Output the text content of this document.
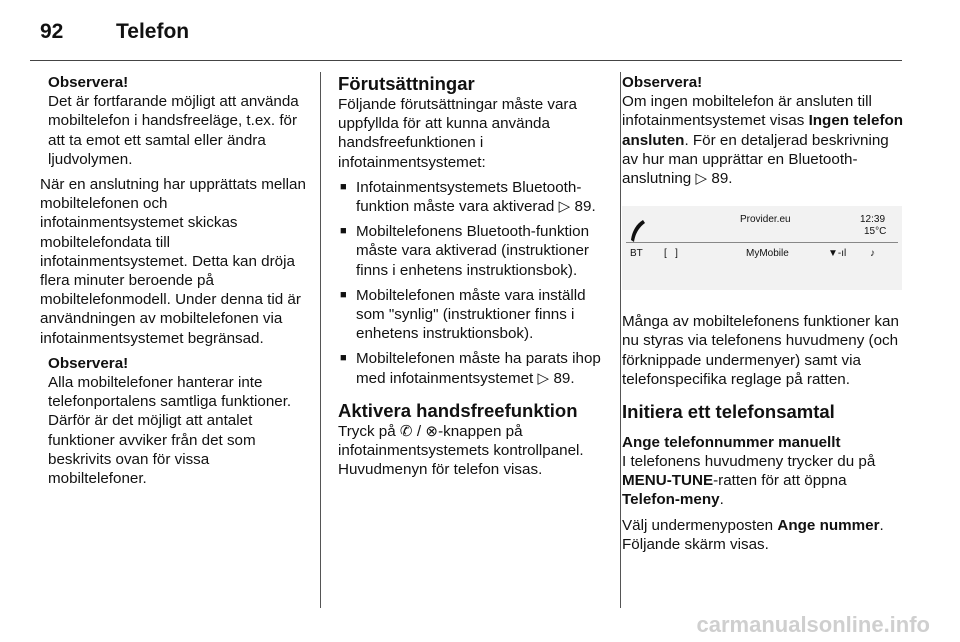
92	Telefon
Observera!
Det är fortfarande möjligt att använda mobiltelefon i handsfreeläge, t.ex. för att ta emot ett samtal eller ändra ljudvolymen.

När en anslutning har upprättats mellan mobiltelefonen och infotainmentsystemet skickas mobiltelefondata till infotainmentsystemet. Detta kan dröja flera minuter beroende på mobiltelefonmodell. Under denna tid är användningen av mobiltelefonen via infotainmentsystemet begränsad.

Observera!
Alla mobiltelefoner hanterar inte telefonportalens samtliga funktioner. Därför är det möjligt att antalet funktioner avviker från det som beskrivits ovan för vissa mobiltelefoner.
Förutsättningar

Följande förutsättningar måste vara uppfyllda för att kunna använda handsfreefunktionen i infotainmentsystemet:

■ Infotainmentsystemets Bluetooth-funktion måste vara aktiverad ▷ 89.
■ Mobiltelefonens Bluetooth-funktion måste vara aktiverad (instruktioner finns i enhetens instruktionsbok).
■ Mobiltelefonen måste vara inställd som "synlig" (instruktioner finns i enhetens instruktionsbok).
■ Mobiltelefonen måste ha parats ihop med infotainmentsystemet ▷ 89.
Aktivera handsfreefunktion

Tryck på ✆ / ⊗-knappen på infotainmentsystemets kontrollpanel. Huvudmenyn för telefon visas.

Observera!
Om ingen mobiltelefon är ansluten till infotainmentsystemet visas Ingen telefon ansluten. För en detaljerad beskrivning av hur man upprättar en Bluetooth-anslutning ▷ 89.
Provider.eu	12:39
15°C
BT [   ]	MyMobile	▼‑ıl ♪

Många av mobiltelefonens funktioner kan nu styras via telefonens huvudmeny (och förknippade undermenyer) samt via telefonspecifika reglage på ratten.

Initiera ett telefonsamtal
Ange telefonnummer manuellt

I telefonens huvudmeny trycker du på MENU-TUNE-ratten för att öppna Telefon-meny.

Välj undermenyposten Ange nummer. Följande skärm visas.

carmanualsonline.info
